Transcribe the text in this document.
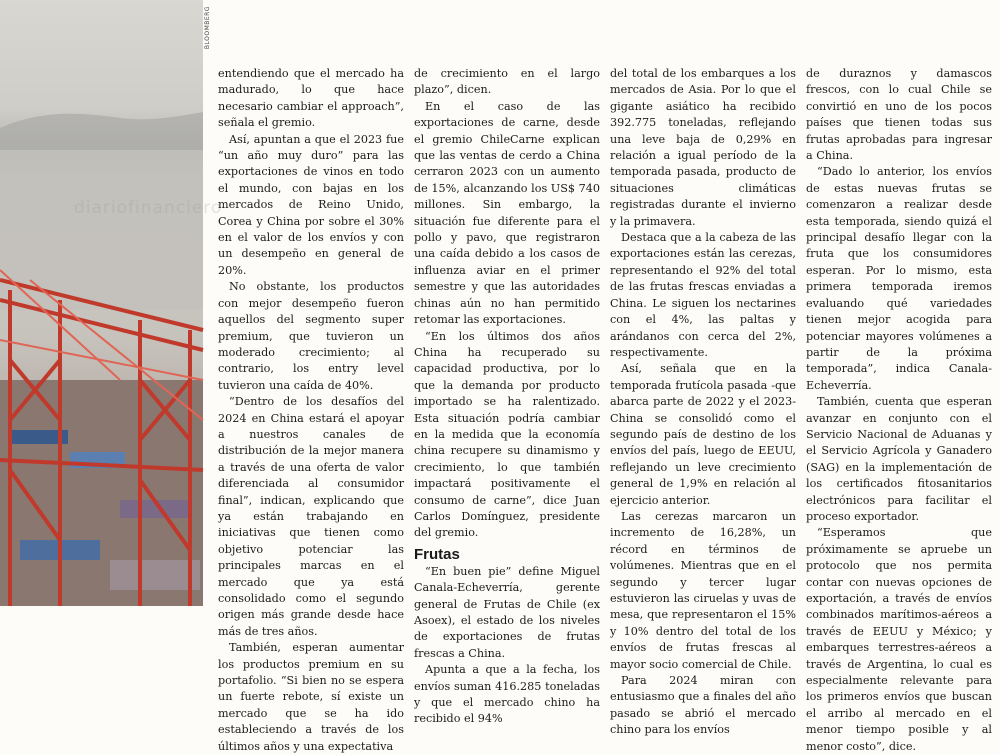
BLOOMBERG
diariofinanciero

entendiendo que el mercado ha madurado, lo que hace necesario cambiar el approach”, señala el gremio.

Así, apuntan a que el 2023 fue “un año muy duro” para las exportaciones de vinos en todo el mundo, con bajas en los mercados de Reino Unido, Corea y China por sobre el 30% en el valor de los envíos y con un desempeño en general de 20%.

No obstante, los productos con mejor desempeño fueron aquellos del segmento super premium, que tuvieron un moderado crecimiento; al contrario, los entry level tuvieron una caída de 40%.

“Dentro de los desafíos del 2024 en China estará el apoyar a nuestros canales de distribución de la mejor manera a través de una oferta de valor diferenciada al consumidor final”, indican, explicando que ya están trabajando en iniciativas que tienen como objetivo potenciar las principales marcas en el mercado que ya está consolidado como el segundo origen más grande desde hace más de tres años.

También, esperan aumentar los productos premium en su portafolio. “Si bien no se espera un fuerte rebote, sí existe un mercado que se ha ido estableciendo a través de los últimos años y una expectativa

de crecimiento en el largo plazo”, dicen.

En el caso de las exportaciones de carne, desde el gremio ChileCarne explican que las ventas de cerdo a China cerraron 2023 con un aumento de 15%, alcanzando los US$ 740 millones. Sin embargo, la situación fue diferente para el pollo y pavo, que registraron una caída debido a los casos de influenza aviar en el primer semestre y que las autoridades chinas aún no han permitido retomar las exportaciones.

“En los últimos dos años China ha recuperado su capacidad productiva, por lo que la demanda por producto importado se ha ralentizado. Esta situación podría cambiar en la medida que la economía china recupere su dinamismo y crecimiento, lo que también impactará positivamente el consumo de carne”, dice Juan Carlos Domínguez, presidente del gremio.

Frutas

“En buen pie” define Miguel Canala-Echeverría, gerente general de Frutas de Chile (ex Asoex), el estado de los niveles de exportaciones de frutas frescas a China.

Apunta a que a la fecha, los envíos suman 416.285 toneladas y que el mercado chino ha recibido el 94%

del total de los embarques a los mercados de Asia. Por lo que el gigante asiático ha recibido 392.775 toneladas, reflejando una leve baja de 0,29% en relación a igual período de la temporada pasada, producto de situaciones climáticas registradas durante el invierno y la primavera.

Destaca que a la cabeza de las exportaciones están las cerezas, representando el 92% del total de las frutas frescas enviadas a China. Le siguen los nectarines con el 4%, las paltas y arándanos con cerca del 2%, respectivamente.

Así, señala que en la temporada frutícola pasada -que abarca parte de 2022 y el 2023- China se consolidó como el segundo país de destino de los envíos del país, luego de EEUU, reflejando un leve crecimiento general de 1,9% en relación al ejercicio anterior.

Las cerezas marcaron un incremento de 16,28%, un récord en términos de volúmenes. Mientras que en el segundo y tercer lugar estuvieron las ciruelas y uvas de mesa, que representaron el 15% y 10% dentro del total de los envíos de frutas frescas al mayor socio comercial de Chile.

Para 2024 miran con entusiasmo que a finales del año pasado se abrió el mercado chino para los envíos

de duraznos y damascos frescos, con lo cual Chile se convirtió en uno de los pocos países que tienen todas sus frutas aprobadas para ingresar a China.

“Dado lo anterior, los envíos de estas nuevas frutas se comenzaron a realizar desde esta temporada, siendo quizá el principal desafío llegar con la fruta que los consumidores esperan. Por lo mismo, esta primera temporada iremos evaluando qué variedades tienen mejor acogida para potenciar mayores volúmenes a partir de la próxima temporada”, indica Canala-Echeverría.

También, cuenta que esperan avanzar en conjunto con el Servicio Nacional de Aduanas y el Servicio Agrícola y Ganadero (SAG) en la implementación de los certificados fitosanitarios electrónicos para facilitar el proceso exportador.

“Esperamos que próximamente se apruebe un protocolo que nos permita contar con nuevas opciones de exportación, a través de envíos combinados marítimos-aéreos a través de EEUU y México; y embarques terrestres-aéreos a través de Argentina, lo cual es especialmente relevante para los primeros envíos que buscan el arribo al mercado en el menor tiempo posible y al menor costo”, dice.
